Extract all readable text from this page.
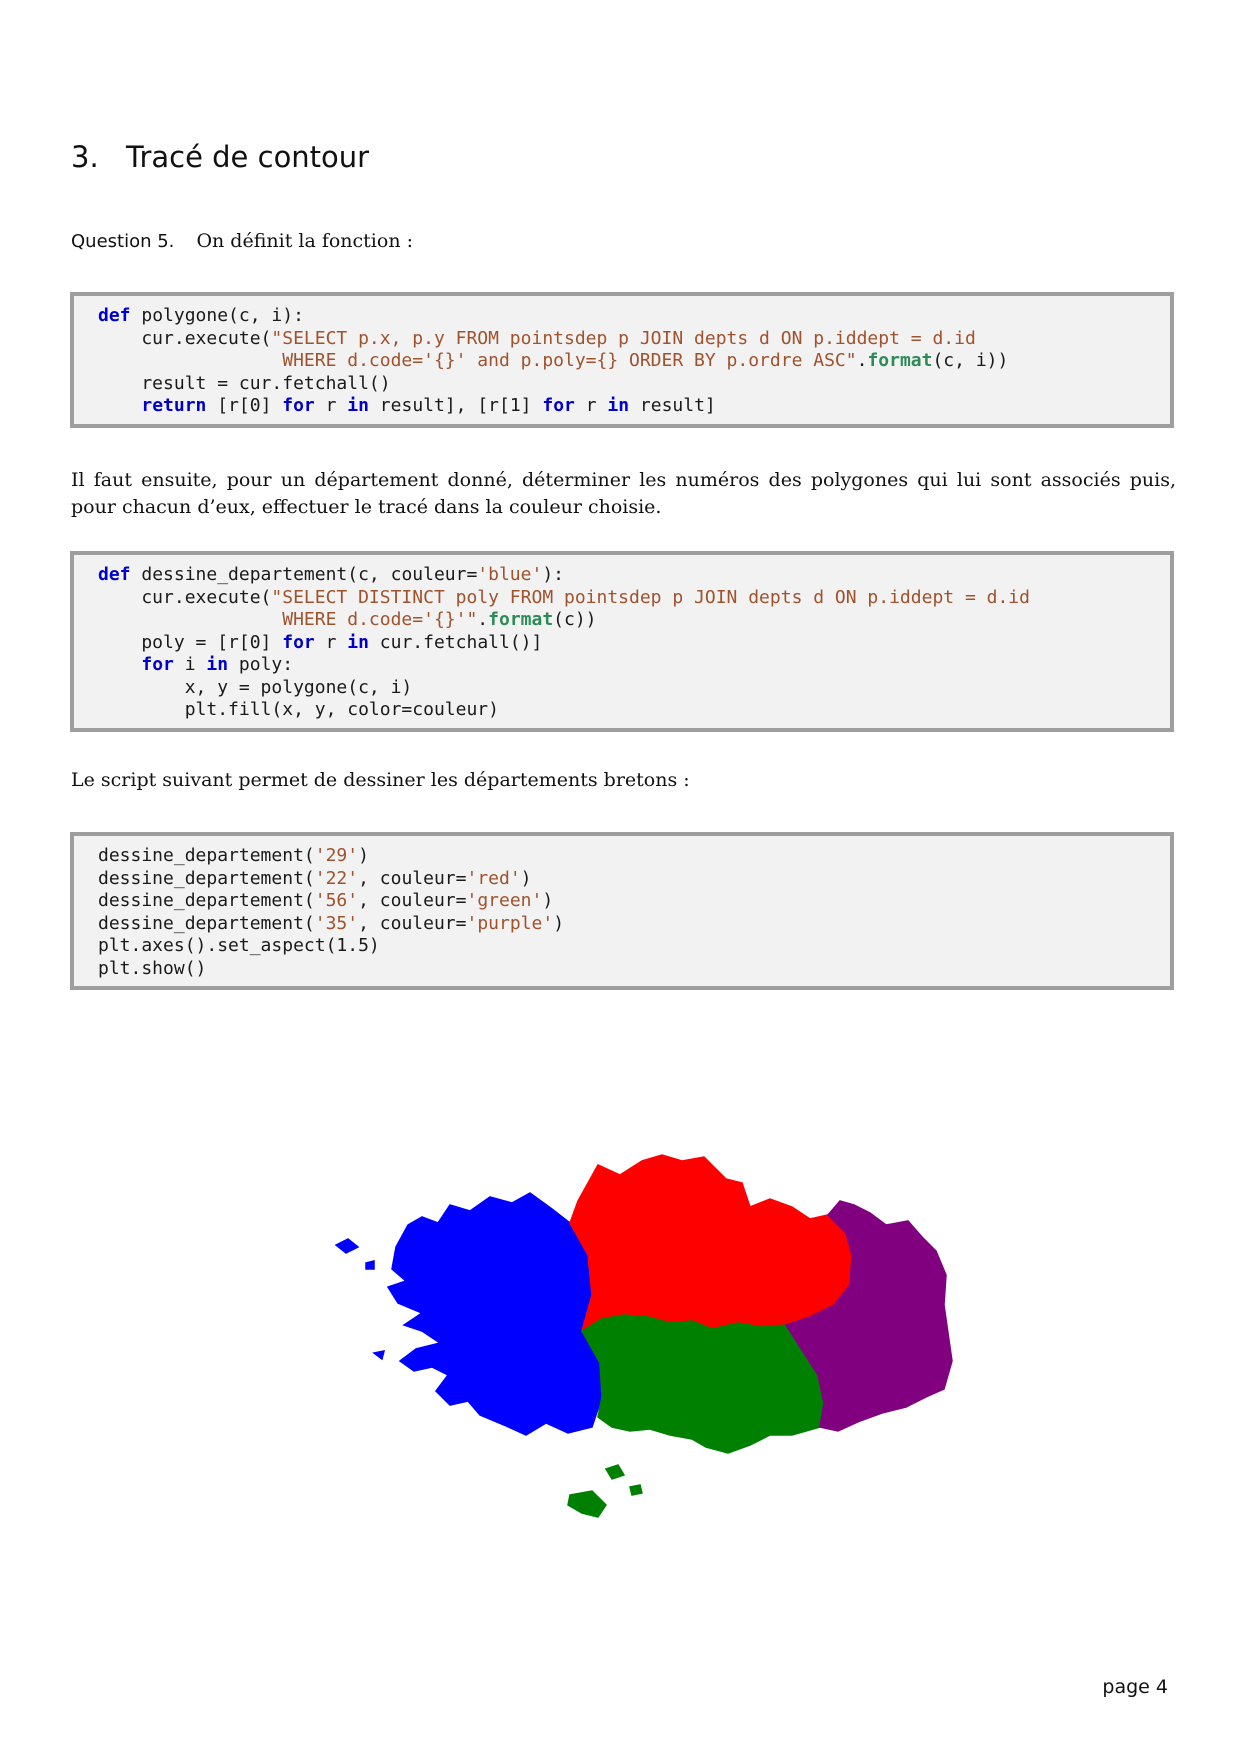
3. Tracé de contour
Question 5. On définit la fonction :
def polygone(c, i):
cur.execute("SELECT p.x, p.y FROM pointsdep p JOIN depts d ON p.iddept = d.id
WHERE d.code='{}' and p.poly={} ORDER BY p.ordre ASC".format(c, i))
result = cur.fetchall()
return [r[0] for r in result], [r[1] for r in result]

Il faut ensuite, pour un département donné, déterminer les numéros des polygones qui lui sont associés puis, pour chacun d’eux, effectuer le tracé dans la couleur choisie.

def dessine_departement(c, couleur='blue'):
cur.execute("SELECT DISTINCT poly FROM pointsdep p JOIN depts d ON p.iddept = d.id
WHERE d.code='{}'".format(c))
poly = [r[0] for r in cur.fetchall()]
for i in poly:
x, y = polygone(c, i)
plt.fill(x, y, color=couleur)

Le script suivant permet de dessiner les départements bretons :

dessine_departement('29')
dessine_departement('22', couleur='red')
dessine_departement('56', couleur='green')
dessine_departement('35', couleur='purple')
plt.axes().set_aspect(1.5)
plt.show()
page 4
